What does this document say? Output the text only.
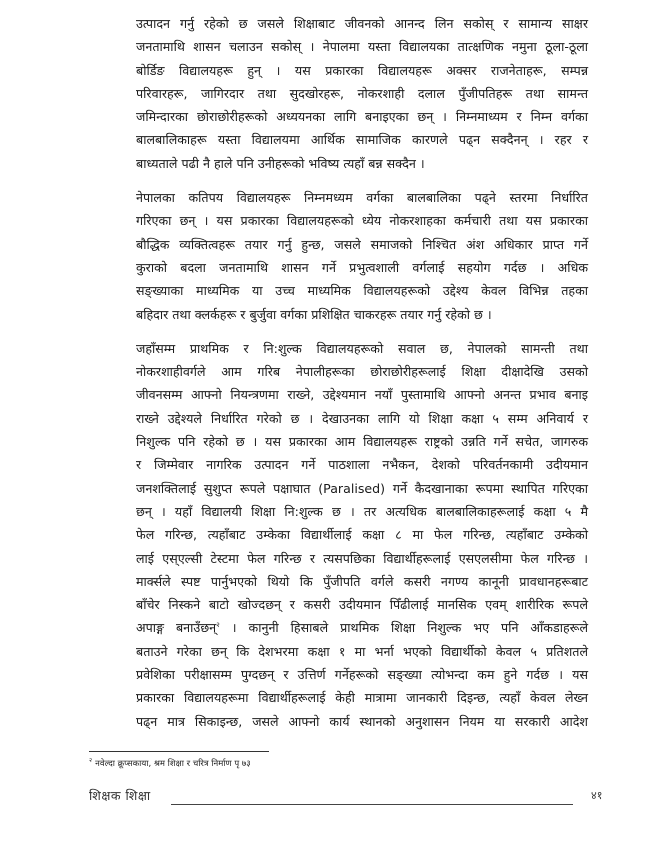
उत्पादन गर्नु रहेको छ जसले शिक्षाबाट जीवनको आनन्द लिन सकोस् र सामान्य साक्षर
जनतामाथि शासन चलाउन सकोस् । नेपालमा यस्ता विद्यालयका तात्क्षणिक नमुना ठूला-ठूला
बोर्डिङ विद्यालयहरू हुन् । यस प्रकारका विद्यालयहरू अक्सर राजनेताहरू, सम्पन्न
परिवारहरू, जागिरदार तथा सुदखोरहरू, नोकरशाही दलाल पुँजीपतिहरू तथा सामन्त
जमिन्दारका छोराछोरीहरूको अध्ययनका लागि बनाइएका छन् । निम्नमाध्यम र निम्न वर्गका
बालबालिकाहरू यस्ता विद्यालयमा आर्थिक सामाजिक कारणले पढ्न सक्दैनन् । रहर र
बाध्यताले पढी नै हाले पनि उनीहरूको भविष्य त्यहाँ बन्न सक्दैन ।
नेपालका कतिपय विद्यालयहरू निम्नमध्यम वर्गका बालबालिका पढ्ने स्तरमा निर्धारित
गरिएका छन् । यस प्रकारका विद्यालयहरूको ध्येय नोकरशाहका कर्मचारी तथा यस प्रकारका
बौद्धिक व्यक्तित्वहरू तयार गर्नु हुन्छ, जसले समाजको निश्चित अंश अधिकार प्राप्त गर्ने
कुराको बदला जनतामाथि शासन गर्ने प्रभुत्वशाली वर्गलाई सहयोग गर्दछ । अधिक
सङ्ख्याका माध्यमिक या उच्च माध्यमिक विद्यालयहरूको उद्देश्य केवल विभिन्न तहका
बहिदार तथा क्लर्कहरू र बुर्जुवा वर्गका प्रशिक्षित चाकरहरू तयार गर्नु रहेको छ ।
जहाँसम्म प्राथमिक र नि:शुल्क विद्यालयहरूको सवाल छ, नेपालको सामन्ती तथा
नोकरशाहीवर्गले आम गरिब नेपालीहरूका छोराछोरीहरूलाई शिक्षा दीक्षादेखि उसको
जीवनसम्म आफ्नो नियन्त्रणमा राख्ने, उद्देश्यमान नयाँ पुस्तामाथि आफ्नो अनन्त प्रभाव बनाइ
राख्ने उद्देश्यले निर्धारित गरेको छ । देखाउनका लागि यो शिक्षा कक्षा ५ सम्म अनिवार्य र
निशुल्क पनि रहेको छ । यस प्रकारका आम विद्यालयहरू राष्ट्रको उन्नति गर्ने सचेत, जागरुक
र जिम्मेवार नागरिक उत्पादन गर्ने पाठशाला नभैकन, देशको परिवर्तनकामी उदीयमान
जनशक्तिलाई सुशुप्त रूपले पक्षाघात (Paralised) गर्ने कैदखानाका रूपमा स्थापित गरिएका
छन् । यहाँ विद्यालयी शिक्षा नि:शुल्क छ । तर अत्यधिक बालबालिकाहरूलाई कक्षा ५ मै
फेल गरिन्छ, त्यहाँबाट उम्केका विद्यार्थीलाई कक्षा ८ मा फेल गरिन्छ, त्यहाँबाट उम्केको
लाई एस्एल्सी टेस्टमा फेल गरिन्छ र त्यसपछिका विद्यार्थीहरूलाई एसएलसीमा फेल गरिन्छ ।
मार्क्सले स्पष्ट पार्नुभएको थियो कि पुँजीपति वर्गले कसरी नगण्य कानूनी प्रावधानहरूबाट
बाँचेर निस्कने बाटो खोज्दछन् र कसरी उदीयमान पिँढीलाई मानसिक एवम् शारीरिक रूपले
अपाङ्ग बनाउँछन्$^२$ । कानुनी हिसाबले प्राथमिक शिक्षा निशुल्क भए पनि आँकडाहरूले
बताउने गरेका छन् कि देशभरमा कक्षा १ मा भर्ना भएको विद्यार्थीको केवल ५ प्रतिशतले
प्रवेशिका परीक्षासम्म पुग्दछन् र उत्तिर्ण गर्नेहरूको सङ्ख्या त्योभन्दा कम हुने गर्दछ । यस
प्रकारका विद्यालयहरूमा विद्यार्थीहरूलाई केही मात्रामा जानकारी दिइन्छ, त्यहाँ केवल लेख्न
पढ्न मात्र सिकाइन्छ, जसले आफ्नो कार्य स्थानको अनुशासन नियम या सरकारी आदेश
$^२$ नवेल्दा क्रूप्सकाया, श्रम शिक्षा र चरित्र निर्माण पृ ७३
शिक्षक शिक्षा	४१
